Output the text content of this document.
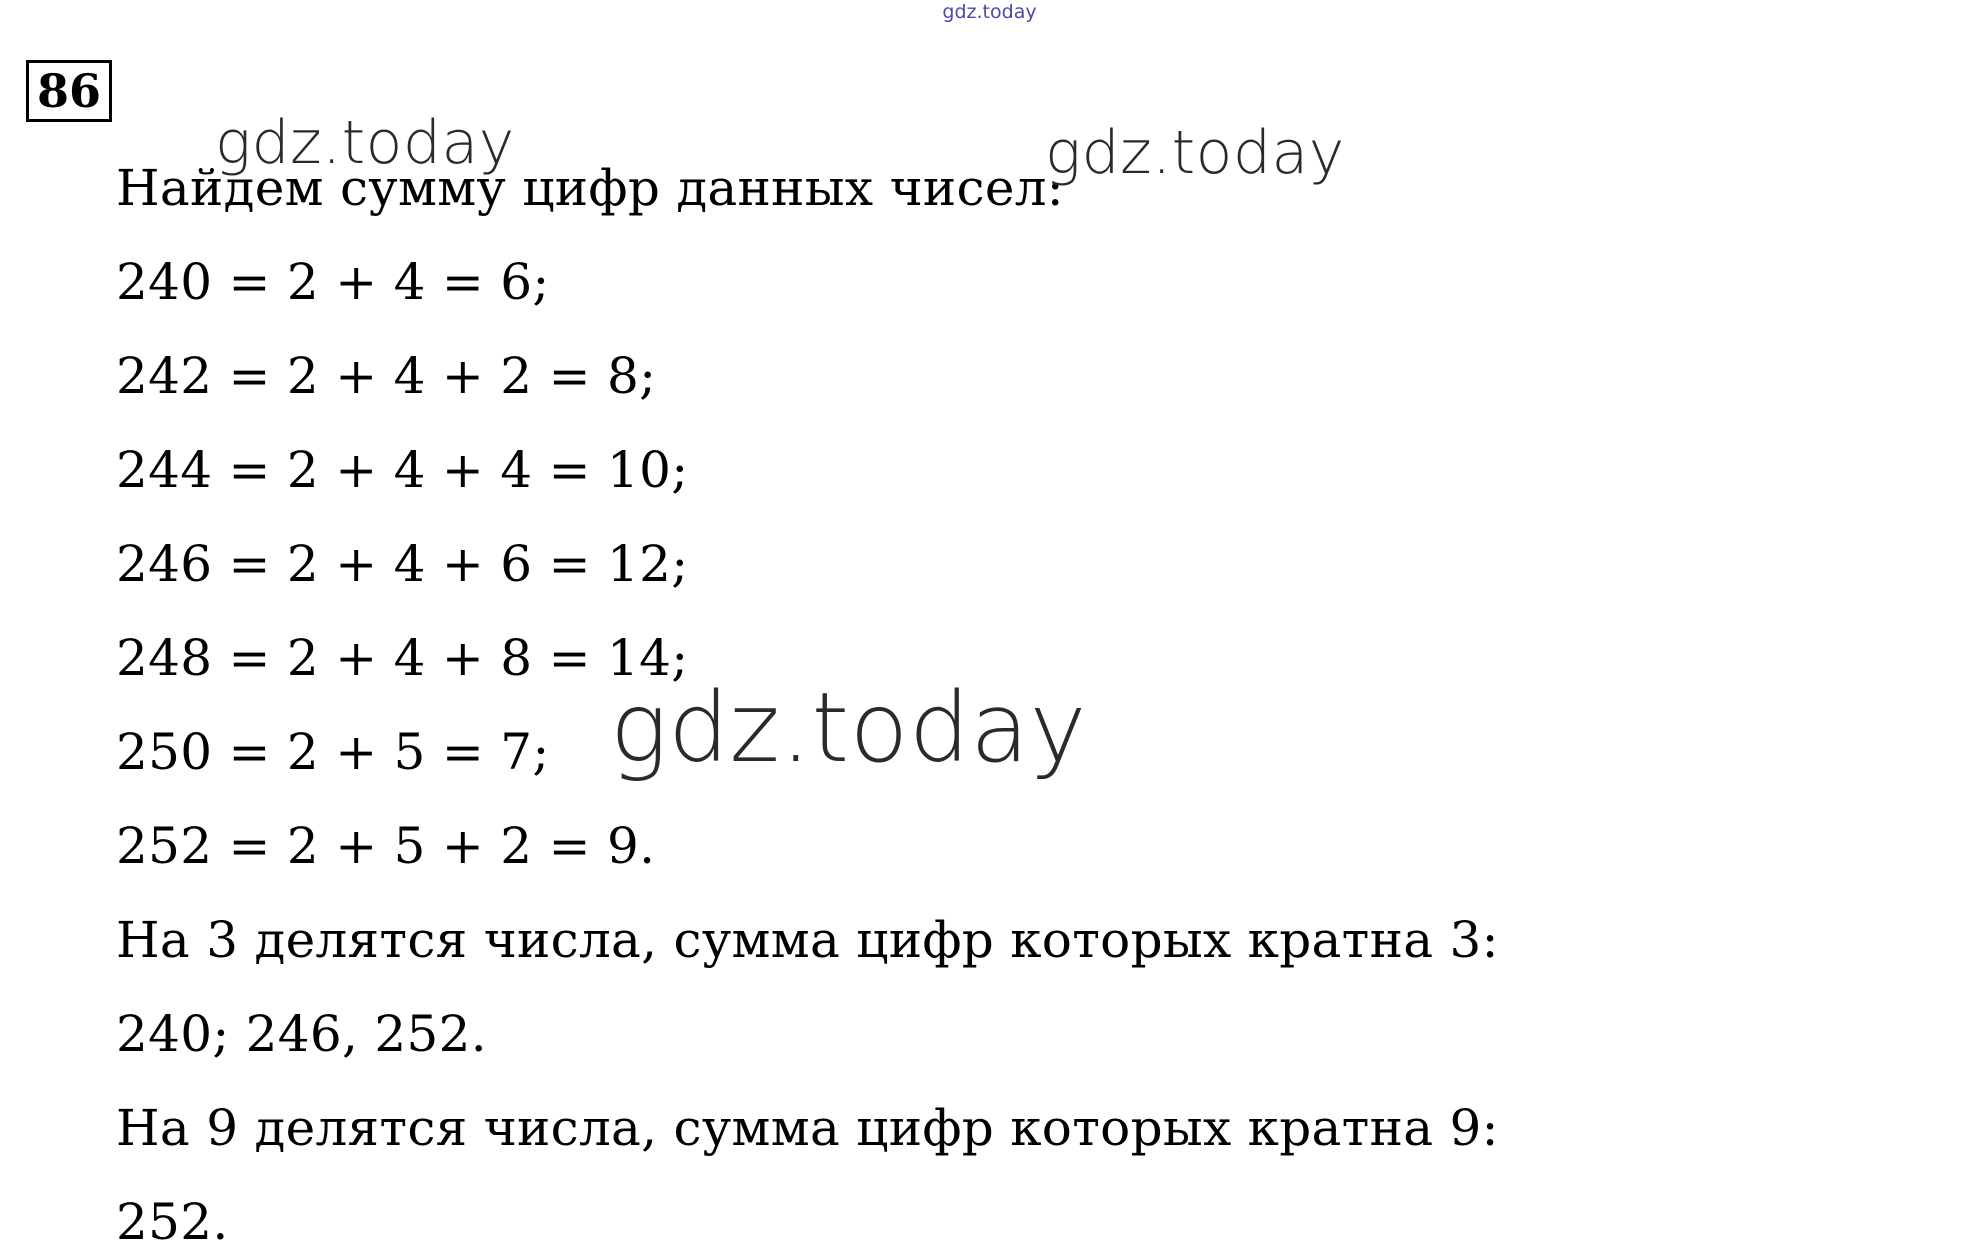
gdz.today
86
Найдем сумму цифр данных чисел:
240 = 2 + 4 = 6;
242 = 2 + 4 + 2 = 8;
244 = 2 + 4 + 4 = 10;
246 = 2 + 4 + 6 = 12;
248 = 2 + 4 + 8 = 14;
250 = 2 + 5 = 7;
252 = 2 + 5 + 2 = 9.
На 3 делятся числа, сумма цифр которых кратна 3:
240; 246, 252.
На 9 делятся числа, сумма цифр которых кратна 9:
252.
gdz.today	gdz.today
gdz.today
